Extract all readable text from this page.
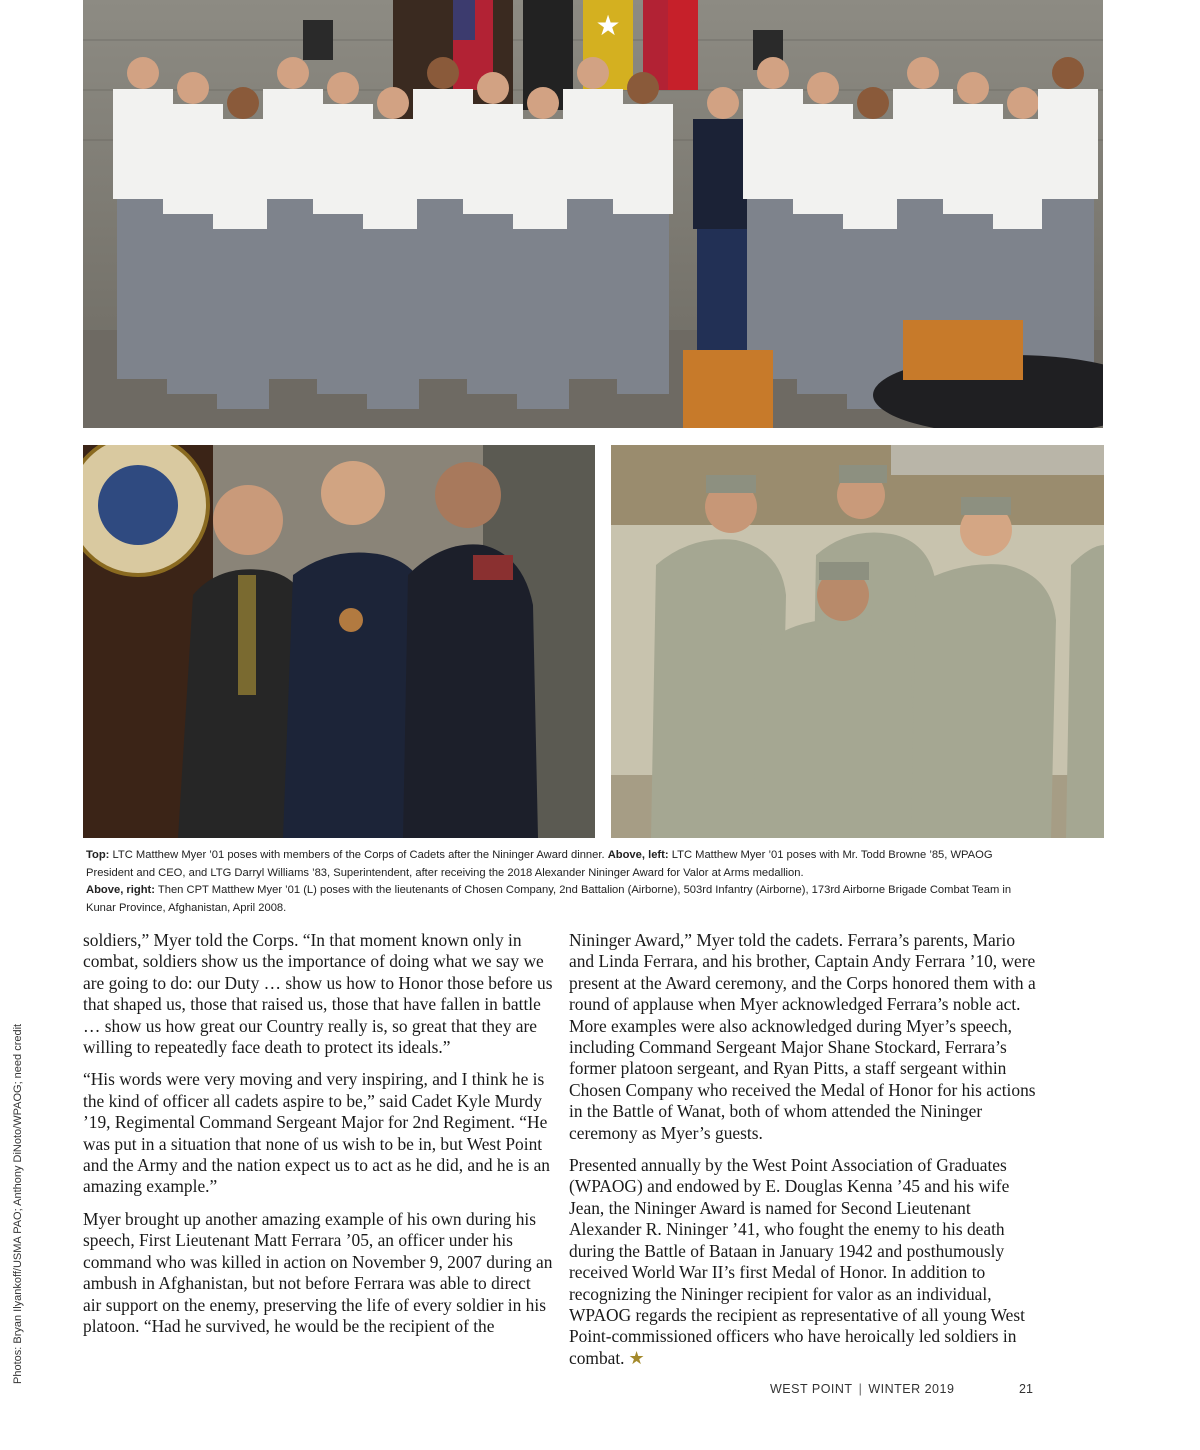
★

Top: LTC Matthew Myer ’01 poses with members of the Corps of Cadets after the Nininger Award dinner. Above, left: LTC Matthew Myer ’01 poses with Mr. Todd Browne ’85, WPAOG President and CEO, and LTG Darryl Williams ’83, Superintendent, after receiving the 2018 Alexander Nininger Award for Valor at Arms medallion.

Above, right: Then CPT Matthew Myer ’01 (L) poses with the lieutenants of Chosen Company, 2nd Battalion (Airborne), 503rd Infantry (Airborne), 173rd Airborne Brigade Combat Team in Kunar Province, Afghanistan, April 2008.

soldiers,” Myer told the Corps. “In that moment known only in combat, soldiers show us the importance of doing what we say we are going to do: our Duty … show us how to Honor those before us that shaped us, those that raised us, those that have fallen in battle … show us how great our Country really is, so great that they are willing to repeatedly face death to protect its ideals.”

“His words were very moving and very inspiring, and I think he is the kind of officer all cadets aspire to be,” said Cadet Kyle Murdy ’19, Regimental Command Sergeant Major for 2nd Regiment. “He was put in a situation that none of us wish to be in, but West Point and the Army and the nation expect us to act as he did, and he is an amazing example.”

Myer brought up another amazing example of his own during his speech, First Lieutenant Matt Ferrara ’05, an officer under his command who was killed in action on November 9, 2007 during an ambush in Afghanistan, but not before Ferrara was able to direct air support on the enemy, preserving the life of every soldier in his platoon. “Had he survived, he would be the recipient of the

Nininger Award,” Myer told the cadets. Ferrara’s parents, Mario and Linda Ferrara, and his brother, Captain Andy Ferrara ’10, were present at the Award ceremony, and the Corps honored them with a round of applause when Myer acknowledged Ferrara’s noble act. More examples were also acknowledged during Myer’s speech, including Command Sergeant Major Shane Stockard, Ferrara’s former platoon sergeant, and Ryan Pitts, a staff sergeant within Chosen Company who received the Medal of Honor for his actions in the Battle of Wanat, both of whom attended the Nininger ceremony as Myer’s guests.

Presented annually by the West Point Association of Graduates (WPAOG) and endowed by E. Douglas Kenna ’45 and his wife Jean, the Nininger Award is named for Second Lieutenant Alexander R. Nininger ’41, who fought the enemy to his death during the Battle of Bataan in January 1942 and posthumously received World War II’s first Medal of Honor. In addition to recognizing the Nininger recipient for valor as an individual, WPAOG regards the recipient as representative of all young West Point-commissioned officers who have heroically led soldiers in combat. ★

Photos: Bryan Ilyankoff/USMA PAO; Anthony DiNoto/WPAOG; need credit
WEST POINT | WINTER 2019	21
